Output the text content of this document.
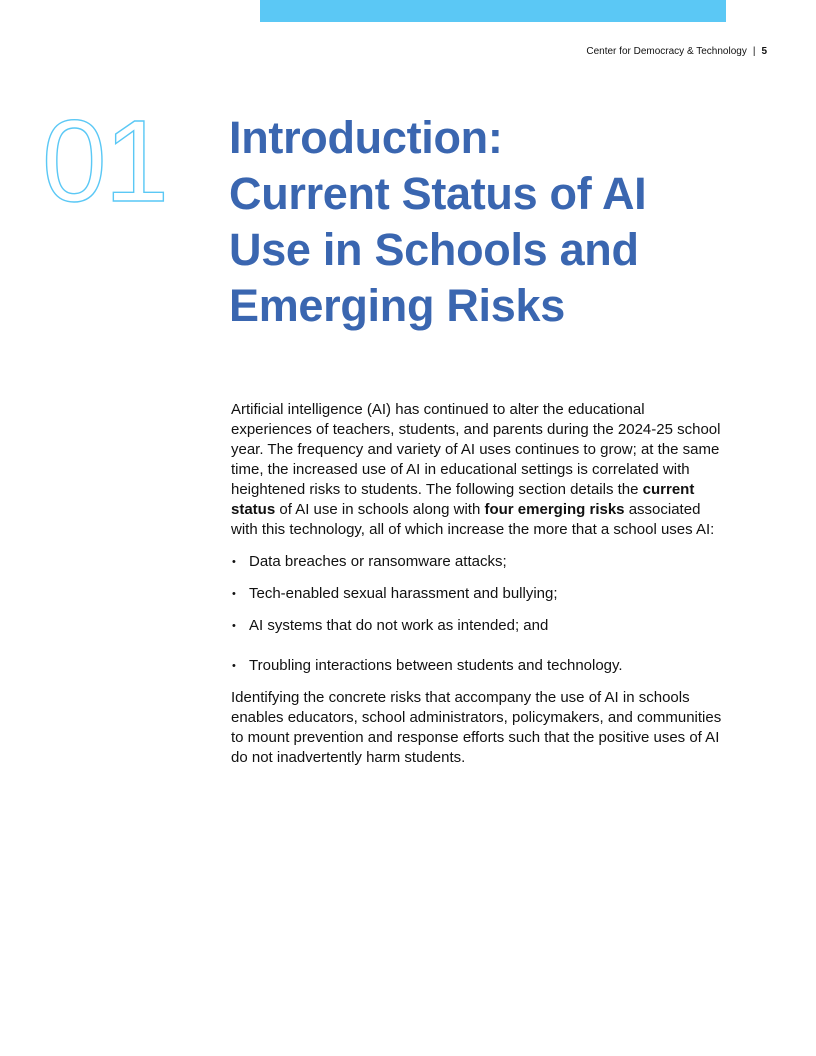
Center for Democracy & Technology | 5
01 Introduction:
Current Status of AI
Use in Schools and
Emerging Risks

Artificial intelligence (AI) has continued to alter the educational
experiences of teachers, students, and parents during the 2024-25 school
year. The frequency and variety of AI uses continues to grow; at the same
time, the increased use of AI in educational settings is correlated with
heightened risks to students. The following section details the current
status of AI use in schools along with four emerging risks associated
with this technology, all of which increase the more that a school uses AI:

• Data breaches or ransomware attacks;
• Tech-enabled sexual harassment and bullying;
• AI systems that do not work as intended; and
• Troubling interactions between students and technology.

Identifying the concrete risks that accompany the use of AI in schools
enables educators, school administrators, policymakers, and communities
to mount prevention and response efforts such that the positive uses of AI
do not inadvertently harm students.
